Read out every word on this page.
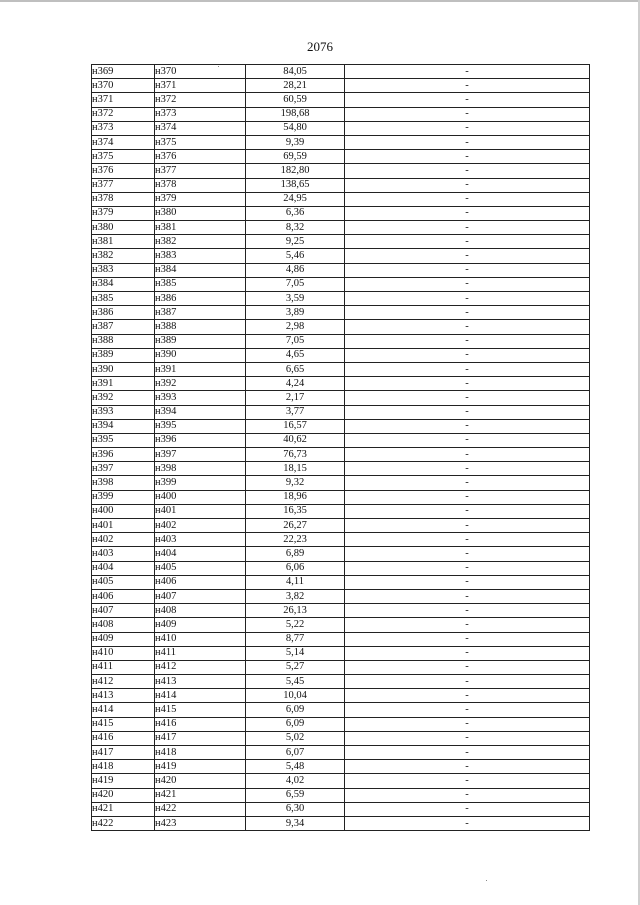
2076
н369	н370	84,05	-
н370	н371	28,21	-
н371	н372	60,59	-
н372	н373	198,68	-
н373	н374	54,80	-
н374	н375	9,39	-
н375	н376	69,59	-
н376	н377	182,80	-
н377	н378	138,65	-
н378	н379	24,95	-
н379	н380	6,36	-
н380	н381	8,32	-
н381	н382	9,25	-
н382	н383	5,46	-
н383	н384	4,86	-
н384	н385	7,05	-
н385	н386	3,59	-
н386	н387	3,89	-
н387	н388	2,98	-
н388	н389	7,05	-
н389	н390	4,65	-
н390	н391	6,65	-
н391	н392	4,24	-
н392	н393	2,17	-
н393	н394	3,77	-
н394	н395	16,57	-
н395	н396	40,62	-
н396	н397	76,73	-
н397	н398	18,15	-
н398	н399	9,32	-
н399	н400	18,96	-
н400	н401	16,35	-
н401	н402	26,27	-
н402	н403	22,23	-
н403	н404	6,89	-
н404	н405	6,06	-
н405	н406	4,11	-
н406	н407	3,82	-
н407	н408	26,13	-
н408	н409	5,22	-
н409	н410	8,77	-
н410	н411	5,14	-
н411	н412	5,27	-
н412	н413	5,45	-
н413	н414	10,04	-
н414	н415	6,09	-
н415	н416	6,09	-
н416	н417	5,02	-
н417	н418	6,07	-
н418	н419	5,48	-
н419	н420	4,02	-
н420	н421	6,59	-
н421	н422	6,30	-
н422	н423	9,34	-
